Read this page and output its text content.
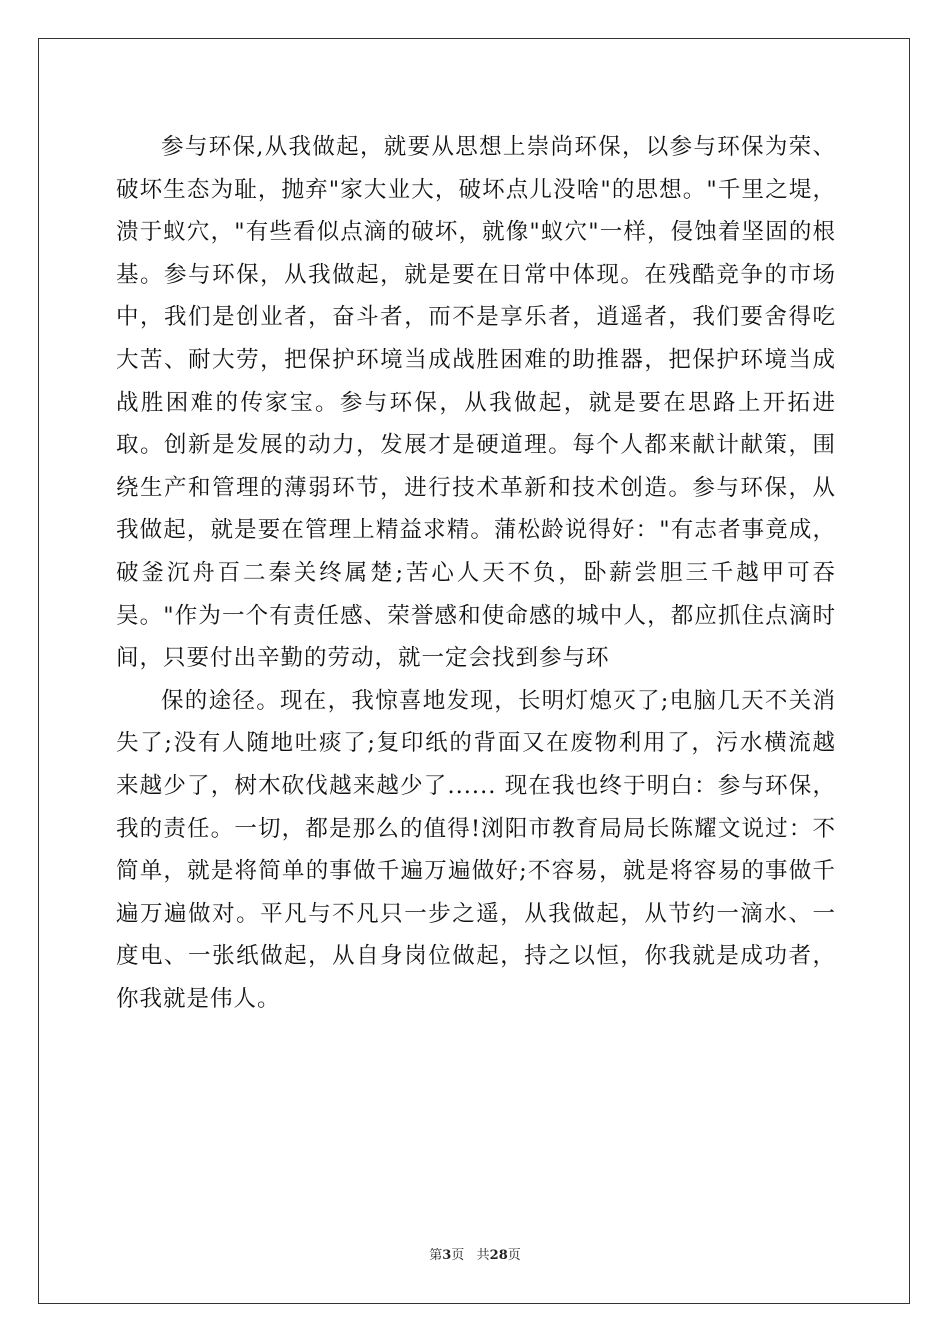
参与环保,从我做起，就要从思想上崇尚环保，以参与环保为荣、破坏生态为耻，抛弃"家大业大，破坏点儿没啥"的思想。"千里之堤，溃于蚁穴，"有些看似点滴的破坏，就像"蚁穴"一样，侵蚀着坚固的根基。参与环保，从我做起，就是要在日常中体现。在残酷竞争的市场中，我们是创业者，奋斗者，而不是享乐者，逍遥者，我们要舍得吃大苦、耐大劳，把保护环境当成战胜困难的助推器，把保护环境当成战胜困难的传家宝。参与环保，从我做起，就是要在思路上开拓进取。创新是发展的动力，发展才是硬道理。每个人都来献计献策，围绕生产和管理的薄弱环节，进行技术革新和技术创造。参与环保，从我做起，就是要在管理上精益求精。蒲松龄说得好："有志者事竟成，破釜沉舟百二秦关终属楚;苦心人天不负，卧薪尝胆三千越甲可吞吴。"作为一个有责任感、荣誉感和使命感的城中人，都应抓住点滴时间，只要付出辛勤的劳动，就一定会找到参与环

保的途径。现在，我惊喜地发现，长明灯熄灭了;电脑几天不关消失了;没有人随地吐痰了;复印纸的背面又在废物利用了，污水横流越来越少了，树木砍伐越来越少了...... 现在我也终于明白：参与环保，我的责任。一切，都是那么的值得!浏阳市教育局局长陈耀文说过：不简单，就是将简单的事做千遍万遍做好;不容易，就是将容易的事做千遍万遍做对。平凡与不凡只一步之遥，从我做起，从节约一滴水、一度电、一张纸做起，从自身岗位做起，持之以恒，你我就是成功者，你我就是伟人。

第3页   共28页
